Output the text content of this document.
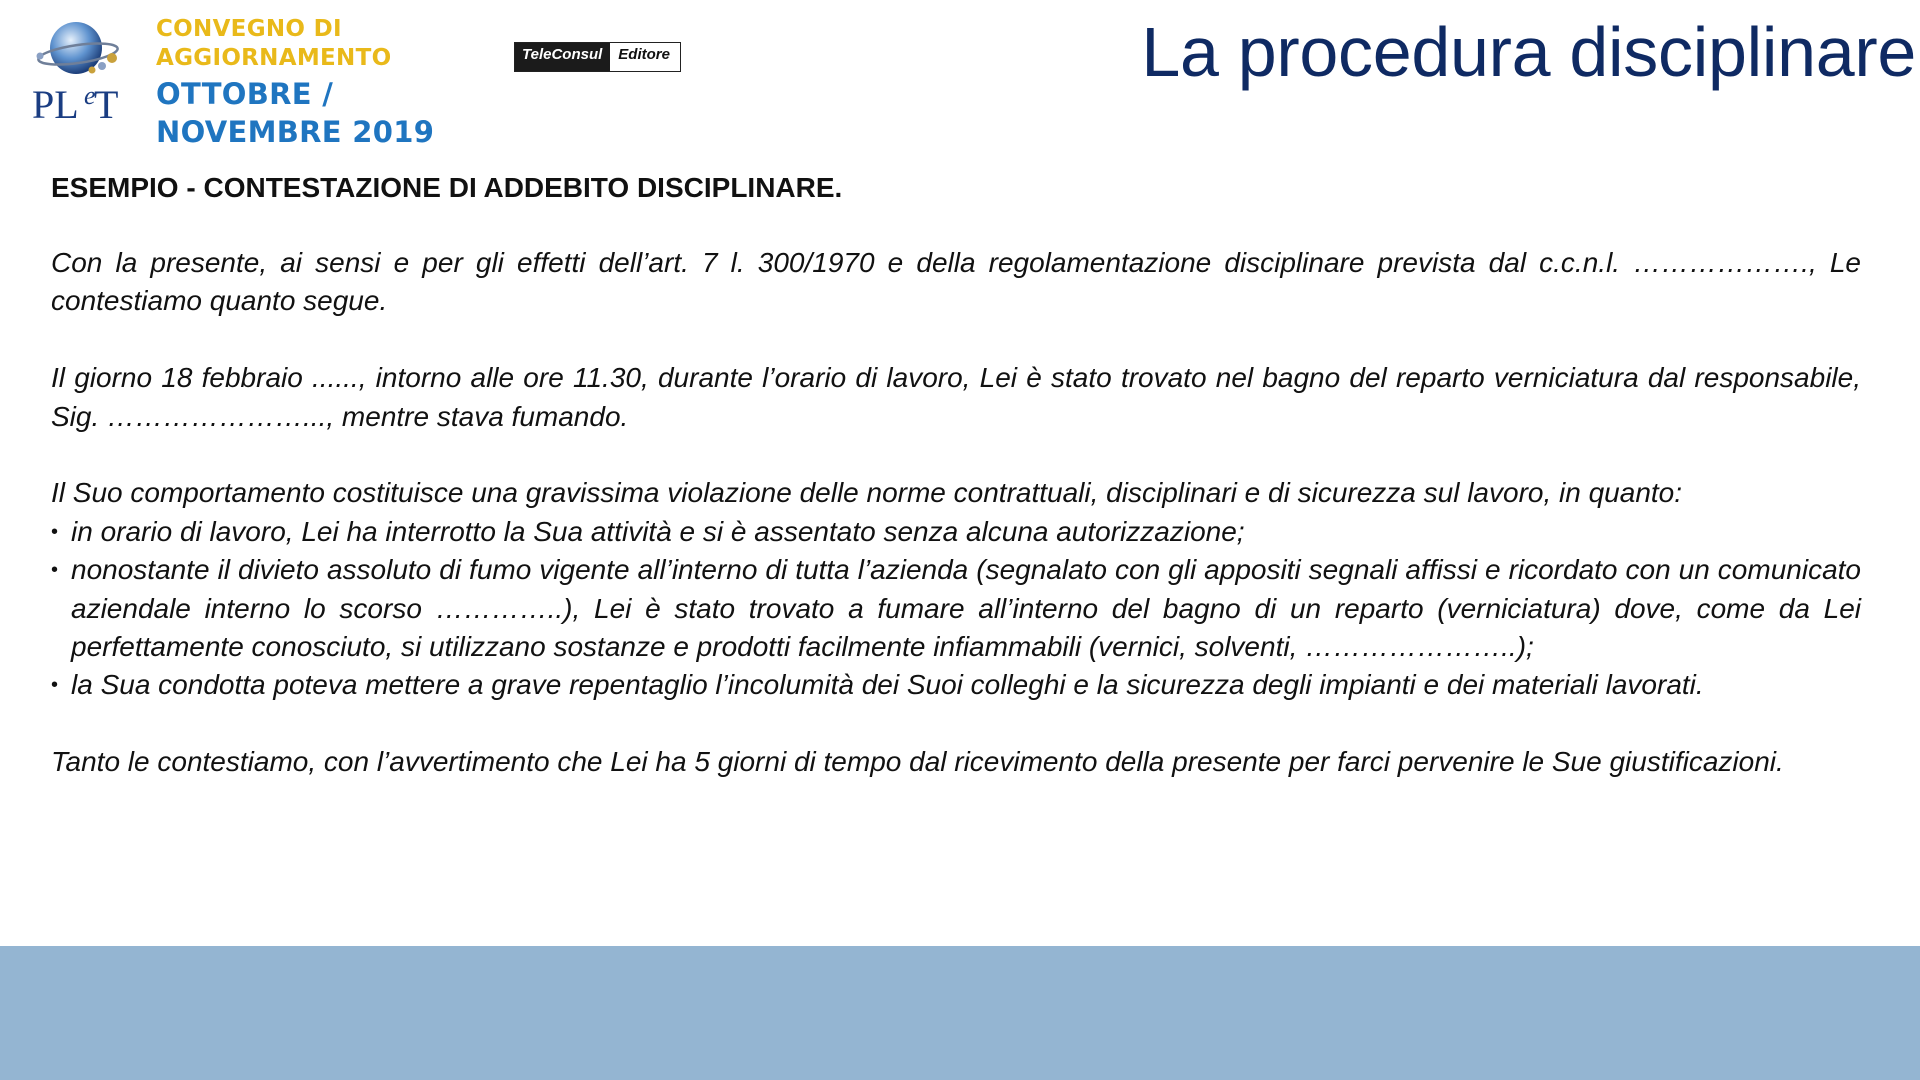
PL e
T
CONVEGNO DI
AGGIORNAMENTO
OTTOBRE /
NOVEMBRE 2019
TeleConsul	Editore	La procedura disciplinare
ESEMPIO - CONTESTAZIONE DI ADDEBITO DISCIPLINARE.

Con la presente, ai sensi e per gli effetti dell’art. 7 l. 300/1970 e della regolamentazione disciplinare prevista dal c.c.n.l. ………………., Le contestiamo quanto segue.

Il giorno 18 febbraio ......, intorno alle ore 11.30, durante l’orario di lavoro, Lei è stato trovato nel bagno del reparto verniciatura dal responsabile, Sig. …………………..., mentre stava fumando.

Il Suo comportamento costituisce una gravissima violazione delle norme contrattuali, disciplinari e di sicurezza sul lavoro, in quanto:

• in orario di lavoro, Lei ha interrotto la Sua attività e si è assentato senza alcuna autorizzazione;
• nonostante il divieto assoluto di fumo vigente all’interno di tutta l’azienda (segnalato con gli appositi segnali affissi e ricordato con un comunicato aziendale interno lo scorso …………..), Lei è stato trovato a fumare all’interno del bagno di un reparto (verniciatura) dove, come da Lei perfettamente conosciuto, si utilizzano sostanze e prodotti facilmente infiammabili (vernici, solventi, …………………..);
• la Sua condotta poteva mettere a grave repentaglio l’incolumità dei Suoi colleghi e la sicurezza degli impianti e dei materiali lavorati.

Tanto le contestiamo, con l’avvertimento che Lei ha 5 giorni di tempo dal ricevimento della presente per farci pervenire le Sue giustificazioni.
